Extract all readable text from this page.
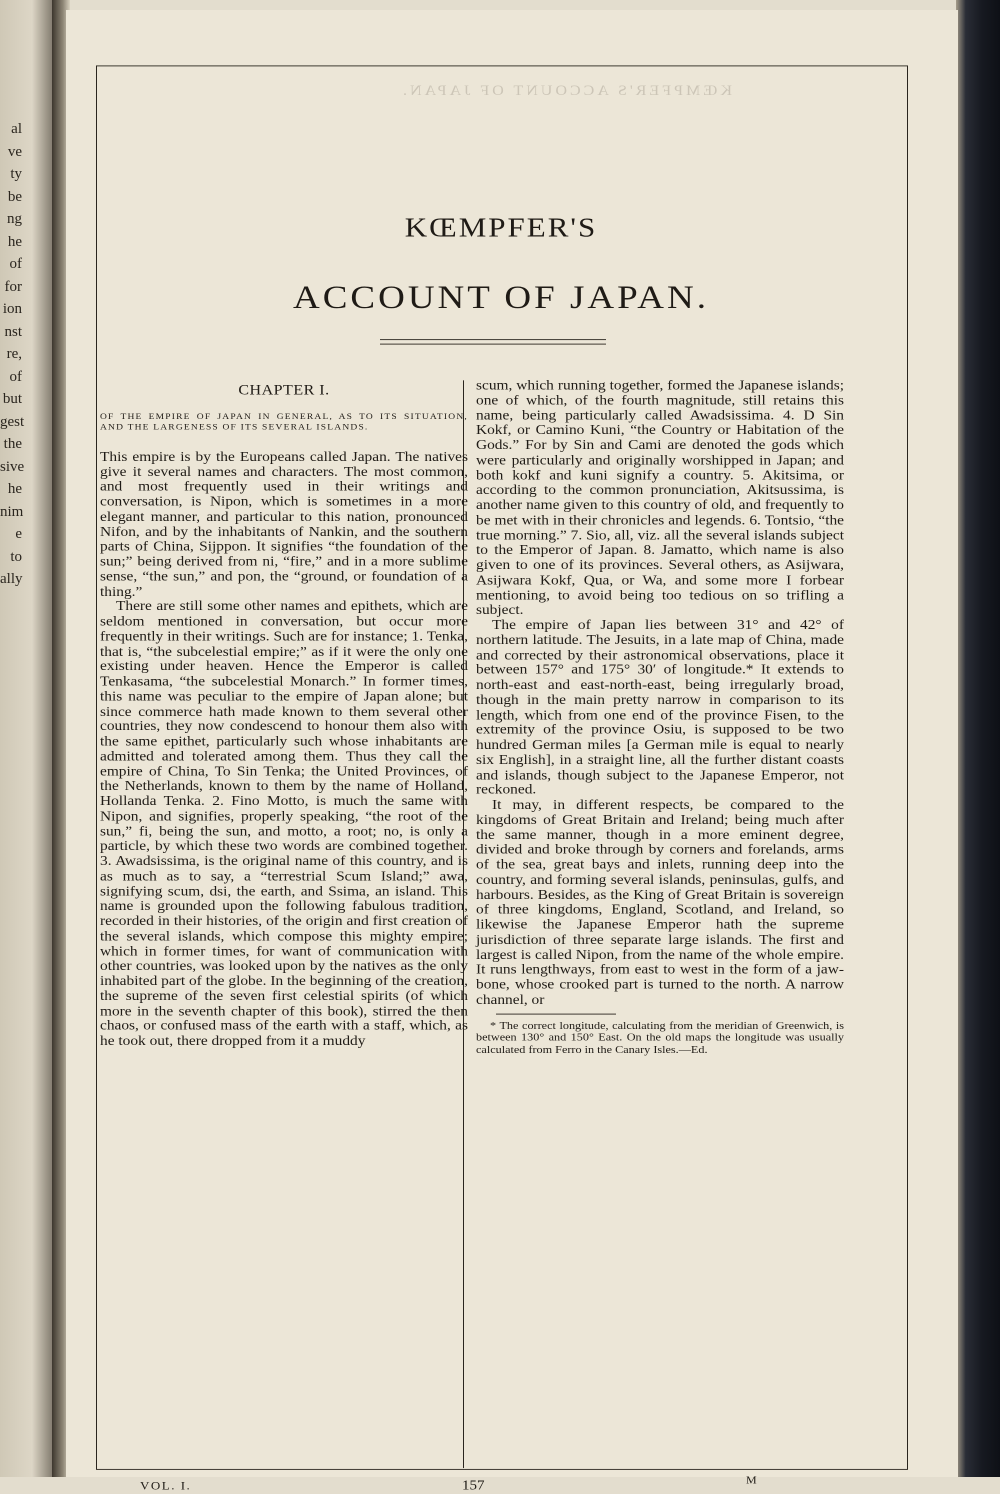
al
ve
ty
be
ng
he
of
for
ion
nst
re,
of
but
gest
the
sive
he
nim
e to
ally
KŒMPFER'S ACCOUNT OF JAPAN.
KŒMPFER'S
ACCOUNT OF JAPAN.
CHAPTER I.
OF THE EMPIRE OF JAPAN IN GENERAL, AS TO ITS SITUATION, AND THE LARGENESS OF ITS SEVERAL ISLANDS.

This empire is by the Europeans called Japan. The natives give it several names and characters. The most common, and most frequently used in their writings and conversation, is Nipon, which is sometimes in a more elegant manner, and particular to this nation, pronounced Nifon, and by the inhabitants of Nankin, and the southern parts of China, Sijppon. It signifies “the foundation of the sun;” being derived from ni, “fire,” and in a more sublime sense, “the sun,” and pon, the “ground, or foundation of a thing.”

There are still some other names and epithets, which are seldom mentioned in conversation, but occur more frequently in their writings. Such are for instance; 1. Tenka, that is, “the subcelestial empire;” as if it were the only one existing under heaven. Hence the Emperor is called Tenkasama, “the subcelestial Monarch.” In former times, this name was peculiar to the empire of Japan alone; but since commerce hath made known to them several other countries, they now condescend to honour them also with the same epithet, particularly such whose inhabitants are admitted and tolerated among them. Thus they call the empire of China, To Sin Tenka; the United Provinces, of the Netherlands, known to them by the name of Holland, Hollanda Tenka. 2. Fino Motto, is much the same with Nipon, and signifies, properly speaking, “the root of the sun,” fi, being the sun, and motto, a root; no, is only a particle, by which these two words are combined together. 3. Awadsissima, is the original name of this country, and is as much as to say, a “terrestrial Scum Island;” awa, signifying scum, dsi, the earth, and Ssima, an island. This name is grounded upon the following fabulous tradition, recorded in their histories, of the origin and first creation of the several islands, which compose this mighty empire; which in former times, for want of communication with other countries, was looked upon by the natives as the only inhabited part of the globe. In the beginning of the creation, the supreme of the seven first celestial spirits (of which more in the seventh chapter of this book), stirred the then chaos, or confused mass of the earth with a staff, which, as he took out, there dropped from it a muddy

scum, which running together, formed the Japanese islands; one of which, of the fourth magnitude, still retains this name, being particularly called Awadsissima. 4. D Sin Kokf, or Camino Kuni, “the Country or Habitation of the Gods.” For by Sin and Cami are denoted the gods which were particularly and originally worshipped in Japan; and both kokf and kuni signify a country. 5. Akitsima, or according to the common pronunciation, Akitsussima, is another name given to this country of old, and frequently to be met with in their chronicles and legends. 6. Tontsio, “the true morning.” 7. Sio, all, viz. all the several islands subject to the Emperor of Japan. 8. Jamatto, which name is also given to one of its provinces. Several others, as Asijwara, Asijwara Kokf, Qua, or Wa, and some more I forbear mentioning, to avoid being too tedious on so trifling a subject.

The empire of Japan lies between 31° and 42° of northern latitude. The Jesuits, in a late map of China, made and corrected by their astronomical observations, place it between 157° and 175° 30′ of longitude.* It extends to north-east and east-north-east, being irregularly broad, though in the main pretty narrow in comparison to its length, which from one end of the province Fisen, to the extremity of the province Osiu, is supposed to be two hundred German miles [a German mile is equal to nearly six English], in a straight line, all the further distant coasts and islands, though subject to the Japanese Emperor, not reckoned.

It may, in different respects, be compared to the kingdoms of Great Britain and Ireland; being much after the same manner, though in a more eminent degree, divided and broke through by corners and forelands, arms of the sea, great bays and inlets, running deep into the country, and forming several islands, peninsulas, gulfs, and harbours. Besides, as the King of Great Britain is sovereign of three kingdoms, England, Scotland, and Ireland, so likewise the Japanese Emperor hath the supreme jurisdiction of three separate large islands. The first and largest is called Nipon, from the name of the whole empire. It runs lengthways, from east to west in the form of a jaw-bone, whose crooked part is turned to the north. A narrow channel, or

* The correct longitude, calculating from the meridian of Greenwich, is between 130° and 150° East. On the old maps the longitude was usually calculated from Ferro in the Canary Isles.—Ed.
VOL. I.	157	M
